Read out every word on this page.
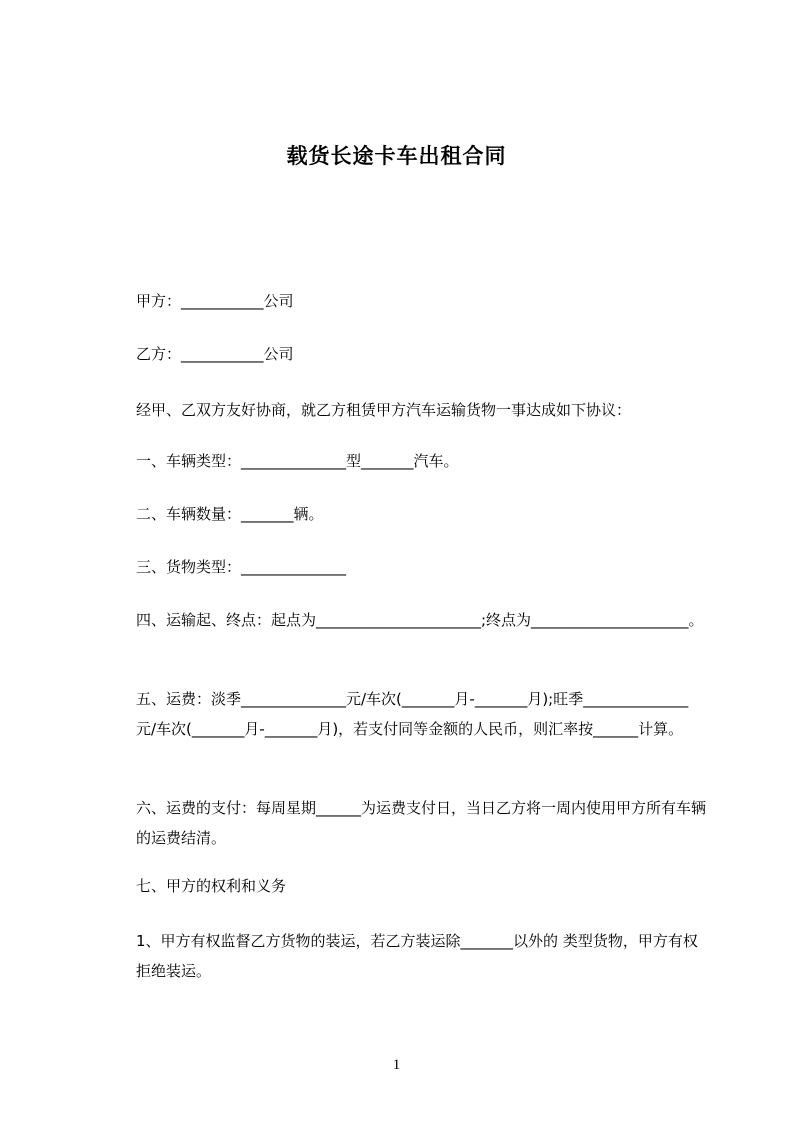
载货长途卡车出租合同
甲方：___________公司
乙方：___________公司
经甲、乙双方友好协商，就乙方租赁甲方汽车运输货物一事达成如下协议：
一、车辆类型：______________型_______汽车。
二、车辆数量：_______辆。
三、货物类型：______________
四、运输起、终点：起点为______________________;终点为_____________________。
五、运费：淡季______________元/车次(_______月-_______月);旺季______________元/车次(_______月-_______月)，若支付同等金额的人民币，则汇率按______计算。
六、运费的支付：每周星期______为运费支付日，当日乙方将一周内使用甲方所有车辆的运费结清。
七、甲方的权利和义务
1、甲方有权监督乙方货物的装运，若乙方装运除_______以外的 类型货物，甲方有权拒绝装运。
1
